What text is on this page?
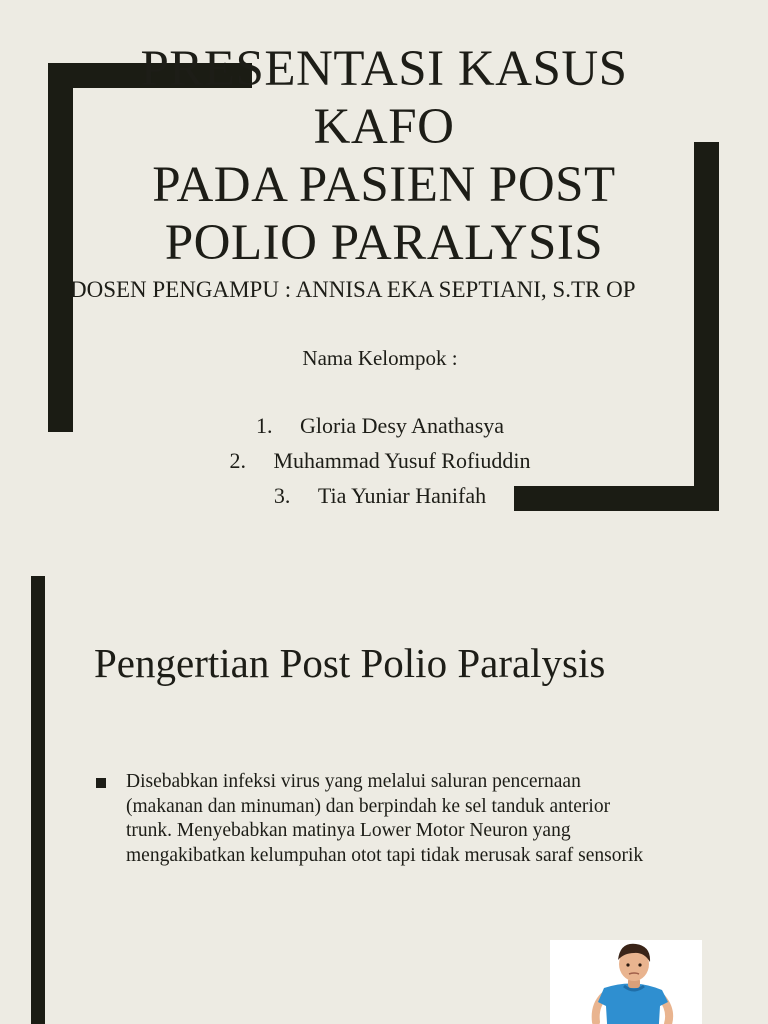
PRESENTASI KASUS
KAFO
PADA PASIEN POST
POLIO PARALYSIS
DOSEN PENGAMPU : ANNISA EKA SEPTIANI, S.TR OP
Nama Kelompok :
1. Gloria Desy Anathasya
2. Muhammad Yusuf Rofiuddin
3. Tia Yuniar Hanifah
Pengertian Post Polio Paralysis
Disebabkan infeksi virus yang melalui saluran pencernaan (makanan dan minuman) dan berpindah ke sel tanduk anterior trunk. Menyebabkan matinya Lower Motor Neuron yang mengakibatkan kelumpuhan otot tapi tidak merusak saraf sensorik
